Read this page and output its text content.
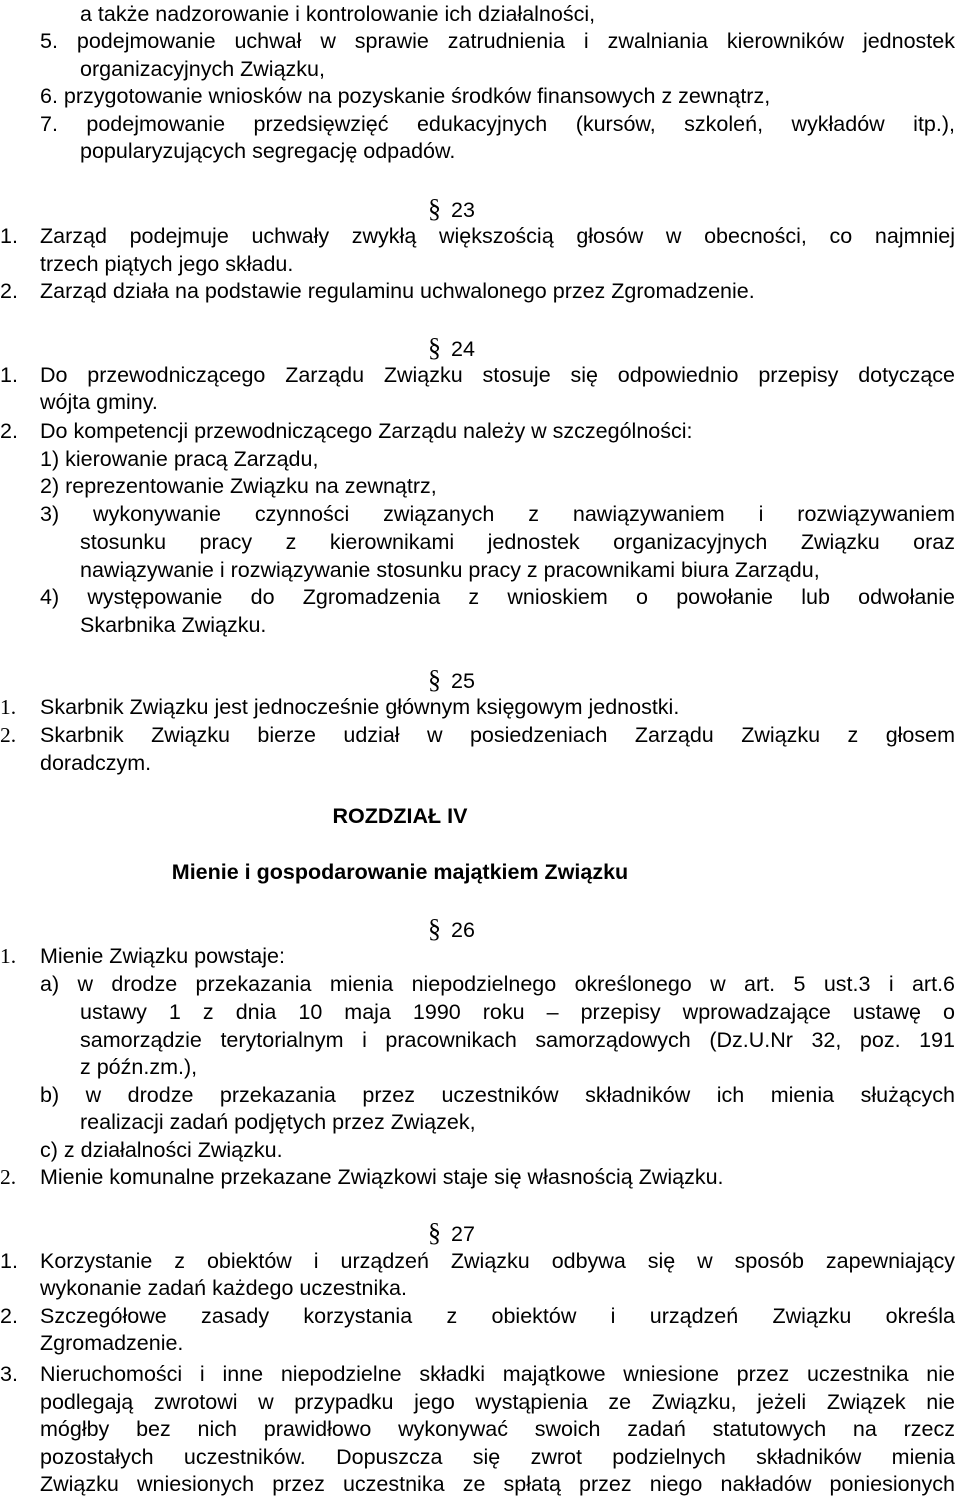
a także nadzorowanie i kontrolowanie ich działalności,
5. podejmowanie uchwał w sprawie zatrudnienia i zwalniania kierowników jednostek
organizacyjnych Związku,
6. przygotowanie wniosków na pozyskanie środków finansowych z zewnątrz,
7. podejmowanie przedsięwzięć edukacyjnych (kursów, szkoleń, wykładów itp.),
popularyzujących segregację odpadów.
§ 23
1. Zarząd podejmuje uchwały zwykłą większością głosów w obecności, co najmniej
trzech piątych jego składu.
2. Zarząd działa na podstawie regulaminu uchwalonego przez Zgromadzenie.
§ 24
1. Do przewodniczącego Zarządu Związku stosuje się odpowiednio przepisy dotyczące
wójta gminy.
2. Do kompetencji przewodniczącego Zarządu należy w szczególności:
1) kierowanie pracą Zarządu,
2) reprezentowanie Związku na zewnątrz,
3) wykonywanie czynności związanych z nawiązywaniem i rozwiązywaniem
stosunku pracy z kierownikami jednostek organizacyjnych Związku oraz
nawiązywanie i rozwiązywanie stosunku pracy z pracownikami biura Zarządu,
4) występowanie do Zgromadzenia z wnioskiem o powołanie lub odwołanie
Skarbnika Związku.
§ 25
1. Skarbnik Związku jest jednocześnie głównym księgowym jednostki.
2. Skarbnik Związku bierze udział w posiedzeniach Zarządu Związku z głosem
doradczym.
ROZDZIAŁ IV
Mienie i gospodarowanie majątkiem Związku
§ 26
1. Mienie Związku powstaje:
a) w drodze przekazania mienia niepodzielnego określonego w art. 5 ust.3 i art.6
ustawy 1 z dnia 10 maja 1990 roku – przepisy wprowadzające ustawę o
samorządzie terytorialnym i pracownikach samorządowych (Dz.U.Nr 32, poz. 191
z późn.zm.),
b) w drodze przekazania przez uczestników składników ich mienia służących
realizacji zadań podjętych przez Związek,
c) z działalności Związku.
2. Mienie komunalne przekazane Związkowi staje się własnością Związku.
§ 27
1. Korzystanie z obiektów i urządzeń Związku odbywa się w sposób zapewniający
wykonanie zadań każdego uczestnika.
2. Szczegółowe zasady korzystania z obiektów i urządzeń Związku określa
Zgromadzenie.
3. Nieruchomości i inne niepodzielne składki majątkowe wniesione przez uczestnika nie
podlegają zwrotowi w przypadku jego wystąpienia ze Związku, jeżeli Związek nie
mógłby bez nich prawidłowo wykonywać swoich zadań statutowych na rzecz
pozostałych uczestników. Dopuszcza się zwrot podzielnych składników mienia
Związku wniesionych przez uczestnika ze spłatą przez niego nakładów poniesionych
